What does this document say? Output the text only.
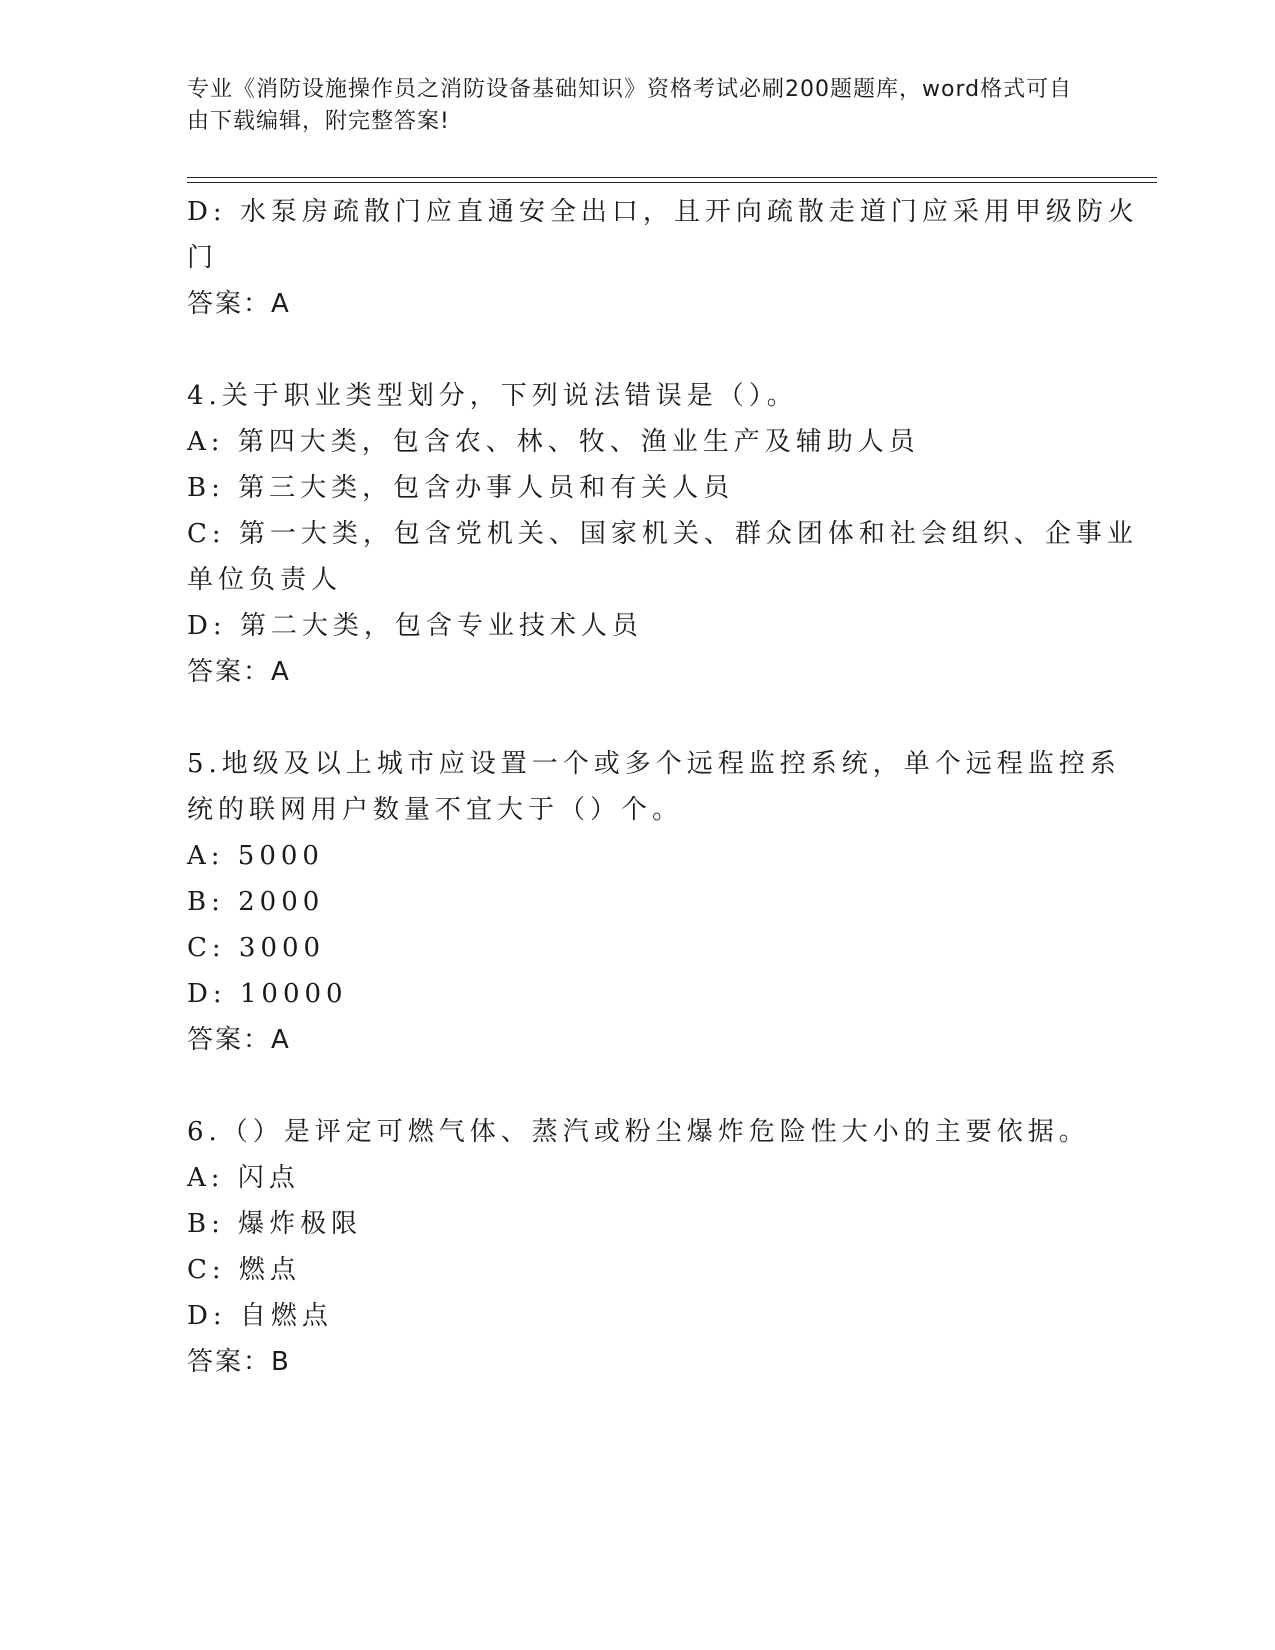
专业《消防设施操作员之消防设备基础知识》资格考试必刷200题题库，word格式可自由下载编辑，附完整答案!
D: 水泵房疏散门应直通安全出口，且开向疏散走道门应采用甲级防火
门
答案：A
4.关于职业类型划分，下列说法错误是（）。
A: 第四大类，包含农、林、牧、渔业生产及辅助人员
B: 第三大类，包含办事人员和有关人员
C: 第一大类，包含党机关、国家机关、群众团体和社会组织、企事业
单位负责人
D: 第二大类，包含专业技术人员
答案：A
5.地级及以上城市应设置一个或多个远程监控系统，单个远程监控系
统的联网用户数量不宜大于（）个。
A: 5000
B: 2000
C: 3000
D: 10000
答案：A
6.（）是评定可燃气体、蒸汽或粉尘爆炸危险性大小的主要依据。
A: 闪点
B: 爆炸极限
C: 燃点
D: 自燃点
答案：B
